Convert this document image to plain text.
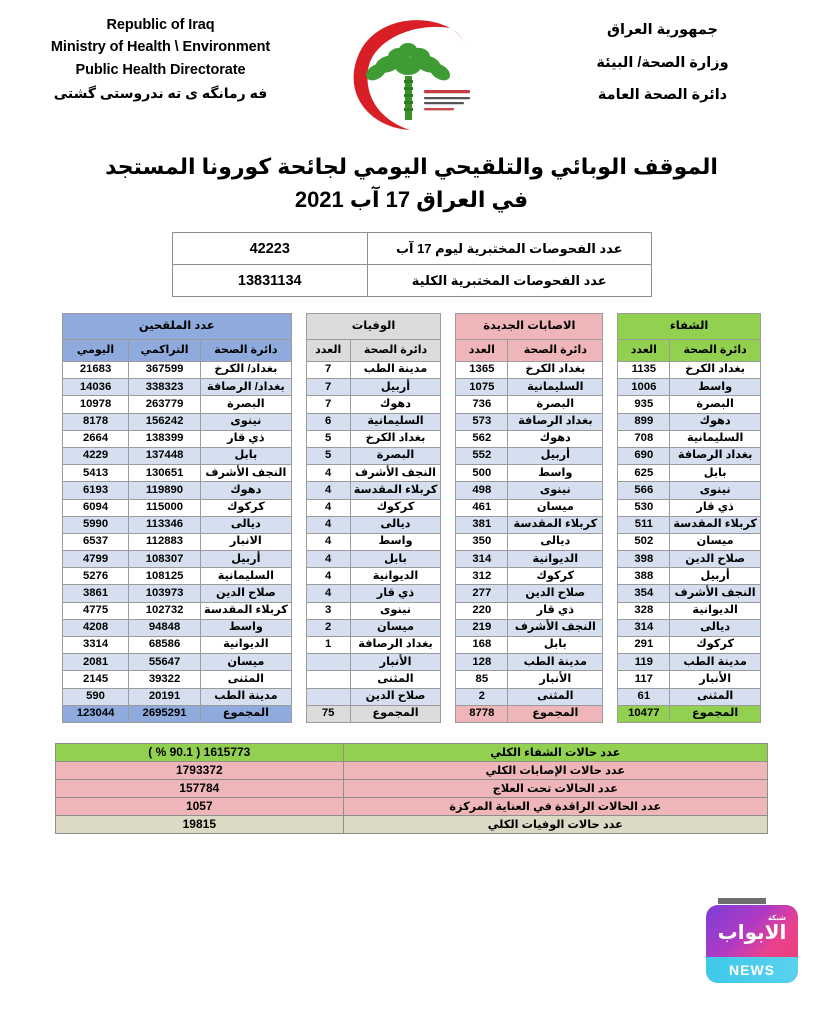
جمهورية العراق
وزارة الصحة/ البيئة
دائرة الصحة العامة
Republic of Iraq
Ministry of Health \ Environment
Public Health Directorate
فه رمانگه ی ته ندروستی گشتی
الموقف الوبائي والتلقيحي اليومي لجائحة كورونا المستجد
في العراق 17 آب 2021
عدد الفحوصات المختبرية ليوم 17 آب	42223
عدد الفحوصات المختبرية الكلية	13831134
عدد الملقحين		
دائرة الصحة	التراكمي	اليومي
بغداد/ الكرخ	367599	21683
بغداد/ الرصافة	338323	14036
البصرة	263779	10978
نينوى	156242	8178
ذي قار	138399	2664
بابل	137448	4229
النجف الأشرف	130651	5413
دهوك	119890	6193
كركوك	115000	6094
ديالى	113346	5990
الانبار	112883	6537
أربيل	108307	4799
السليمانية	108125	5276
صلاح الدين	103973	3861
كربلاء المقدسة	102732	4775
واسط	94848	4208
الديوانية	68586	3314
ميسان	55647	2081
المثنى	39322	2145
مدينة الطب	20191	590
المجموع	2695291	123044
الوفيات	
دائرة الصحة	العدد
مدينة الطب	7
أربيل	7
دهوك	7
السليمانية	6
بغداد الكرخ	5
البصرة	5
النجف الأشرف	4
كربلاء المقدسة	4
كركوك	4
ديالى	4
واسط	4
بابل	4
الديوانية	4
ذي قار	4
نينوى	3
ميسان	2
بغداد الرصافة	1
الأنبار	
المثنى	
صلاح الدين	
المجموع	75
الاصابات الجديدة	
دائرة الصحة	العدد
بغداد الكرخ	1365
السليمانية	1075
البصرة	736
بغداد الرصافة	573
دهوك	562
أربيل	552
واسط	500
نينوى	498
ميسان	461
كربلاء المقدسة	381
ديالى	350
الديوانية	314
كركوك	312
صلاح الدين	277
ذي قار	220
النجف الأشرف	219
بابل	168
مدينة الطب	128
الأنبار	85
المثنى	2
المجموع	8778
الشفاء	
دائرة الصحة	العدد
بغداد الكرخ	1135
واسط	1006
البصرة	935
دهوك	899
السليمانية	708
بغداد الرصافة	690
بابل	625
نينوى	566
ذي قار	530
كربلاء المقدسة	511
ميسان	502
صلاح الدين	398
أربيل	388
النجف الأشرف	354
الديوانية	328
ديالى	314
كركوك	291
مدينة الطب	119
الأنبار	117
المثنى	61
المجموع	10477
عدد حالات الشفاء الكلي	1615773 ( 90.1 % )
عدد حالات الإصابات الكلي	1793372
عدد الحالات تحت العلاج	157784
عدد الحالات الراقدة في العناية المركزة	1057
عدد حالات الوفيات الكلي	19815
شبكة
الابواب
NEWS
